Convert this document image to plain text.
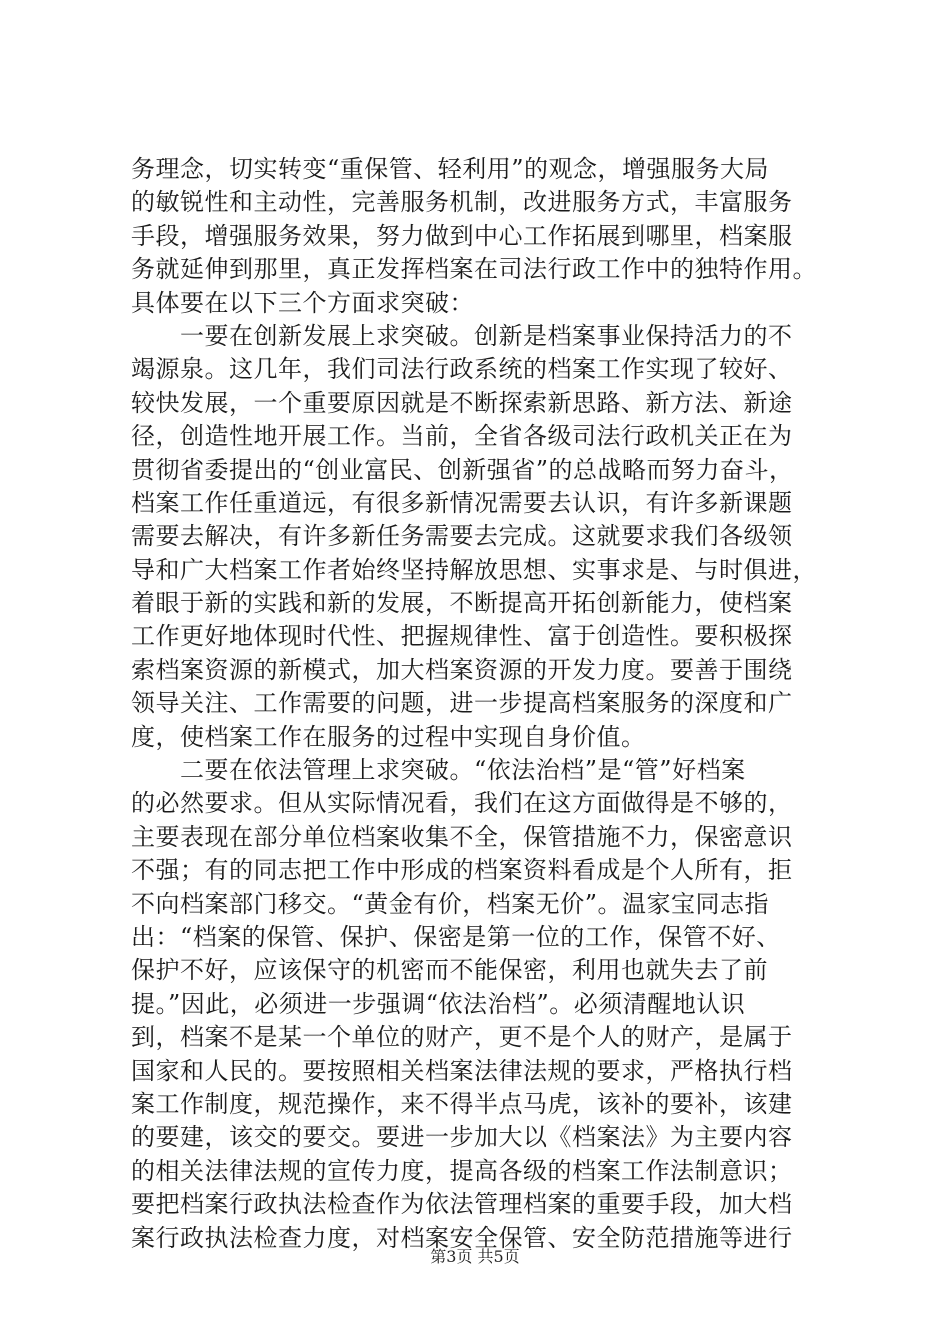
务理念，切实转变“重保管、轻利用”的观念，增强服务大局
的敏锐性和主动性，完善服务机制，改进服务方式，丰富服务
手段，增强服务效果，努力做到中心工作拓展到哪里，档案服
务就延伸到那里，真正发挥档案在司法行政工作中的独特作用。
具体要在以下三个方面求突破：
　　一要在创新发展上求突破。创新是档案事业保持活力的不
竭源泉。这几年，我们司法行政系统的档案工作实现了较好、
较快发展，一个重要原因就是不断探索新思路、新方法、新途
径，创造性地开展工作。当前，全省各级司法行政机关正在为
贯彻省委提出的“创业富民、创新强省”的总战略而努力奋斗，
档案工作任重道远，有很多新情况需要去认识，有许多新课题
需要去解决，有许多新任务需要去完成。这就要求我们各级领
导和广大档案工作者始终坚持解放思想、实事求是、与时俱进，
着眼于新的实践和新的发展，不断提高开拓创新能力，使档案
工作更好地体现时代性、把握规律性、富于创造性。要积极探
索档案资源的新模式，加大档案资源的开发力度。要善于围绕
领导关注、工作需要的问题，进一步提高档案服务的深度和广
度，使档案工作在服务的过程中实现自身价值。
　　二要在依法管理上求突破。“依法治档”是“管”好档案
的必然要求。但从实际情况看，我们在这方面做得是不够的，
主要表现在部分单位档案收集不全，保管措施不力，保密意识
不强；有的同志把工作中形成的档案资料看成是个人所有，拒
不向档案部门移交。“黄金有价，档案无价”。温家宝同志指
出：“档案的保管、保护、保密是第一位的工作，保管不好、
保护不好，应该保守的机密而不能保密，利用也就失去了前
提。”因此，必须进一步强调“依法治档”。必须清醒地认识
到，档案不是某一个单位的财产，更不是个人的财产，是属于
国家和人民的。要按照相关档案法律法规的要求，严格执行档
案工作制度，规范操作，来不得半点马虎，该补的要补，该建
的要建，该交的要交。要进一步加大以《档案法》为主要内容
的相关法律法规的宣传力度，提高各级的档案工作法制意识；
要把档案行政执法检查作为依法管理档案的重要手段，加大档
案行政执法检查力度，对档案安全保管、安全防范措施等进行
第3页 共5页
